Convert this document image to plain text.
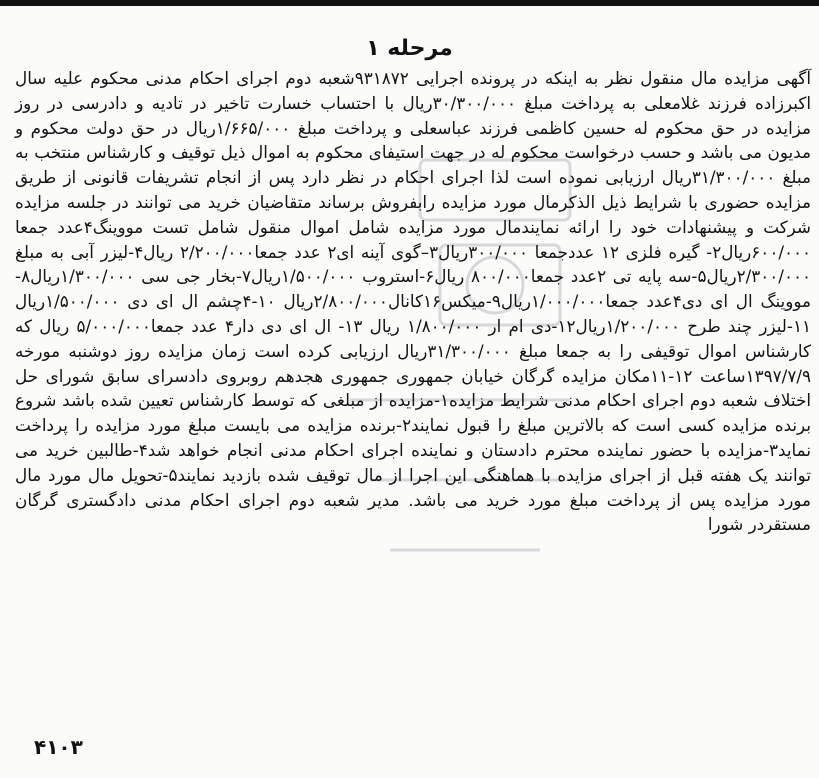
مرحله ۱

آگهی مزایده مال منقول نظر به اینکه در پرونده اجرایی ۹۳۱۸۷۲شعبه دوم اجرای احکام مدنی محکوم علیه سال اکبرزاده فرزند غلامعلی به پرداخت مبلغ ۳۰/۳۰۰/۰۰۰ریال با احتساب خسارت تاخیر در تادیه و دادرسی در روز مزایده در حق محکوم له حسین کاظمی فرزند عباسعلی و پرداخت مبلغ ۱/۶۶۵/۰۰۰ریال در حق دولت محکوم و مدیون می باشد و حسب درخواست محکوم له در جهت استیفای محکوم به اموال ذیل توقیف و کارشناس منتخب به مبلغ ۳۱/۳۰۰/۰۰۰ریال ارزیابی نموده است لذا اجرای احکام در نظر دارد پس از انجام تشریفات قانونی از طریق مزایده حضوری با شرایط ذیل الذکرمال مورد مزایده رابفروش برساند متقاضیان خرید می توانند در جلسه مزایده شرکت و پیشنهادات خود را ارائه نمایندمال مورد مزایده شامل اموال منقول شامل تست مووینگ۴عدد جمعا ۶۰۰/۰۰۰ریال۲- گیره فلزی ۱۲ عددجمعا ۳۰۰/۰۰۰ریال۳–گوی آینه ای۲ عدد جمعا۲/۲۰۰/۰۰۰ ریال۴-لیزر آبی به مبلغ ۲/۳۰۰/۰۰۰ریال۵-سه پایه تی ۲عدد جمعا۸۰۰/۰۰۰ ریال۶-استروب ۱/۵۰۰/۰۰۰ریال۷-بخار جی سی ۱/۳۰۰/۰۰۰ریال۸-مووینگ ال ای دی۴عدد جمعا۱/۰۰۰/۰۰۰ریال۹-میکس۱۶کانال۲/۸۰۰/۰۰۰ریال ۱۰-۴چشم ال ای دی ۱/۵۰۰/۰۰۰ریال ۱۱-لیزر چند طرح ۱/۲۰۰/۰۰۰ریال۱۲-دی ام ار ۱/۸۰۰/۰۰۰ ریال ۱۳- ال ای دی دار۴ عدد جمعا۵/۰۰۰/۰۰۰ ریال که کارشناس اموال توقیفی را به جمعا مبلغ ۳۱/۳۰۰/۰۰۰ریال ارزیابی کرده است زمان مزایده روز دوشنبه مورخه ۱۳۹۷/۷/۹ساعت ۱۲-۱۱مکان مزایده گرگان خیابان جمهوری جمهوری هجدهم روبروی دادسرای سابق شورای حل اختلاف شعبه دوم اجرای احکام مدنی شرایط مزایده۱-مزایده از مبلغی که توسط کارشناس تعیین شده باشد شروع برنده مزایده کسی است که بالاترین مبلغ را قبول نمایند۲-برنده مزایده می بایست مبلغ مورد مزایده را پرداخت نماید۳-مزایده با حضور نماینده محترم دادستان و نماینده اجرای احکام مدنی انجام خواهد شد۴-طالبین خرید می توانند یک هفته قبل از اجرای مزایده با هماهنگی این اجرا از مال توقیف شده بازدید نمایند۵-تحویل مال مورد مال مورد مزایده پس از پرداخت مبلغ مورد خرید می باشد. مدیر شعبه دوم اجرای احکام مدنی دادگستری گرگان مستقردر شورا

۴۱۰۳
